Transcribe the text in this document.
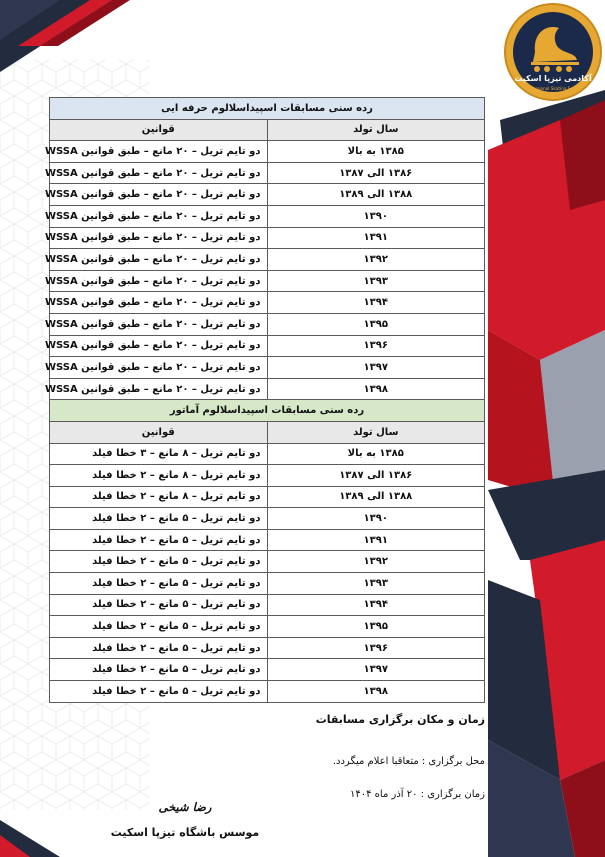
آکادمی تیزپا اسکیت
Professional Skating School
رده سنی مسابقات اسپیداسلالوم حرفه ایی	
سال تولد	قوانین
۱۳۸۵ به بالا	دو تایم تریل – ۲۰ مانع – طبق قوانین WSSA
۱۳۸۶ الی ۱۳۸۷	دو تایم تریل – ۲۰ مانع – طبق قوانین WSSA
۱۳۸۸ الی ۱۳۸۹	دو تایم تریل – ۲۰ مانع – طبق قوانین WSSA
۱۳۹۰	دو تایم تریل – ۲۰ مانع – طبق قوانین WSSA
۱۳۹۱	دو تایم تریل – ۲۰ مانع – طبق قوانین WSSA
۱۳۹۲	دو تایم تریل – ۲۰ مانع – طبق قوانین WSSA
۱۳۹۳	دو تایم تریل – ۲۰ مانع – طبق قوانین WSSA
۱۳۹۴	دو تایم تریل – ۲۰ مانع – طبق قوانین WSSA
۱۳۹۵	دو تایم تریل – ۲۰ مانع – طبق قوانین WSSA
۱۳۹۶	دو تایم تریل – ۲۰ مانع – طبق قوانین WSSA
۱۳۹۷	دو تایم تریل – ۲۰ مانع – طبق قوانین WSSA
۱۳۹۸	دو تایم تریل – ۲۰ مانع – طبق قوانین WSSA
رده سنی مسابقات اسپیداسلالوم آماتور	
سال تولد	قوانین
۱۳۸۵ به بالا	دو تایم تریل – ۸ مانع – ۳ خطا فیلد
۱۳۸۶ الی ۱۳۸۷	دو تایم تریل – ۸ مانع – ۲ خطا فیلد
۱۳۸۸ الی ۱۳۸۹	دو تایم تریل – ۸ مانع – ۲ خطا فیلد
۱۳۹۰	دو تایم تریل – ۵ مانع – ۲ خطا فیلد
۱۳۹۱	دو تایم تریل – ۵ مانع – ۲ خطا فیلد
۱۳۹۲	دو تایم تریل – ۵ مانع – ۲ خطا فیلد
۱۳۹۳	دو تایم تریل – ۵ مانع – ۲ خطا فیلد
۱۳۹۴	دو تایم تریل – ۵ مانع – ۲ خطا فیلد
۱۳۹۵	دو تایم تریل – ۵ مانع – ۲ خطا فیلد
۱۳۹۶	دو تایم تریل – ۵ مانع – ۲ خطا فیلد
۱۳۹۷	دو تایم تریل – ۵ مانع – ۲ خطا فیلد
۱۳۹۸	دو تایم تریل – ۵ مانع – ۲ خطا فیلد
زمان و مکان برگزاری مسابقات
محل برگزاری : متعاقبا اعلام میگردد.
زمان برگزاری : ۲۰ آذر ماه ۱۴۰۴
رضا شیخی
موسس باشگاه تیزپا اسکیت
